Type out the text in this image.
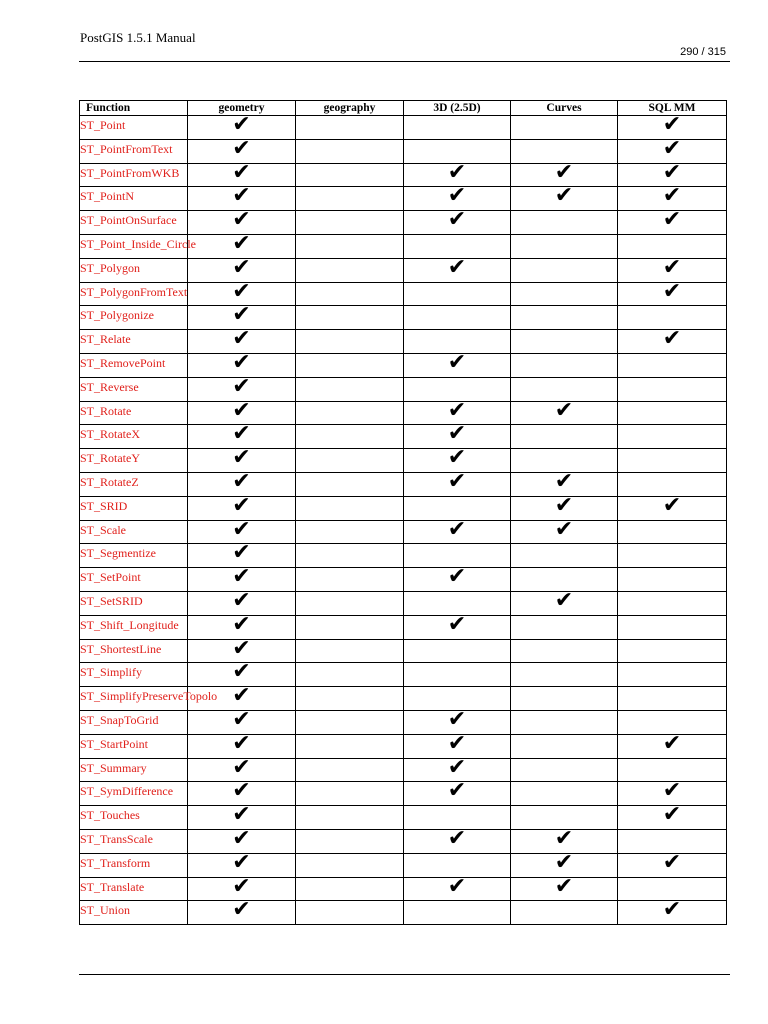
PostGIS 1.5.1 Manual
290 / 315
Function	geometry	geography	3D (2.5D)	Curves	SQL MM
ST_Point	✔				✔

ST_PointFromText	✔				✔

ST_PointFromWKB	✔		✔	✔	✔

ST_PointN	✔		✔	✔	✔

ST_PointOnSurface	✔		✔		✔

ST_Point_Inside_Circle	✔				

ST_Polygon	✔		✔		✔

ST_PolygonFromText	✔				✔

ST_Polygonize	✔				

ST_Relate	✔				✔

ST_RemovePoint	✔		✔		

ST_Reverse	✔				

ST_Rotate	✔		✔	✔	

ST_RotateX	✔		✔		

ST_RotateY	✔		✔		

ST_RotateZ	✔		✔	✔	

ST_SRID	✔			✔	✔

ST_Scale	✔		✔	✔	

ST_Segmentize	✔				

ST_SetPoint	✔		✔		

ST_SetSRID	✔			✔	

ST_Shift_Longitude	✔		✔		

ST_ShortestLine	✔				

ST_Simplify	✔				

ST_SimplifyPreserveTopolo	✔				

ST_SnapToGrid	✔		✔		

ST_StartPoint	✔		✔		✔

ST_Summary	✔		✔		

ST_SymDifference	✔		✔		✔

ST_Touches	✔				✔

ST_TransScale	✔		✔	✔	

ST_Transform	✔			✔	✔

ST_Translate	✔		✔	✔	

ST_Union	✔				✔
